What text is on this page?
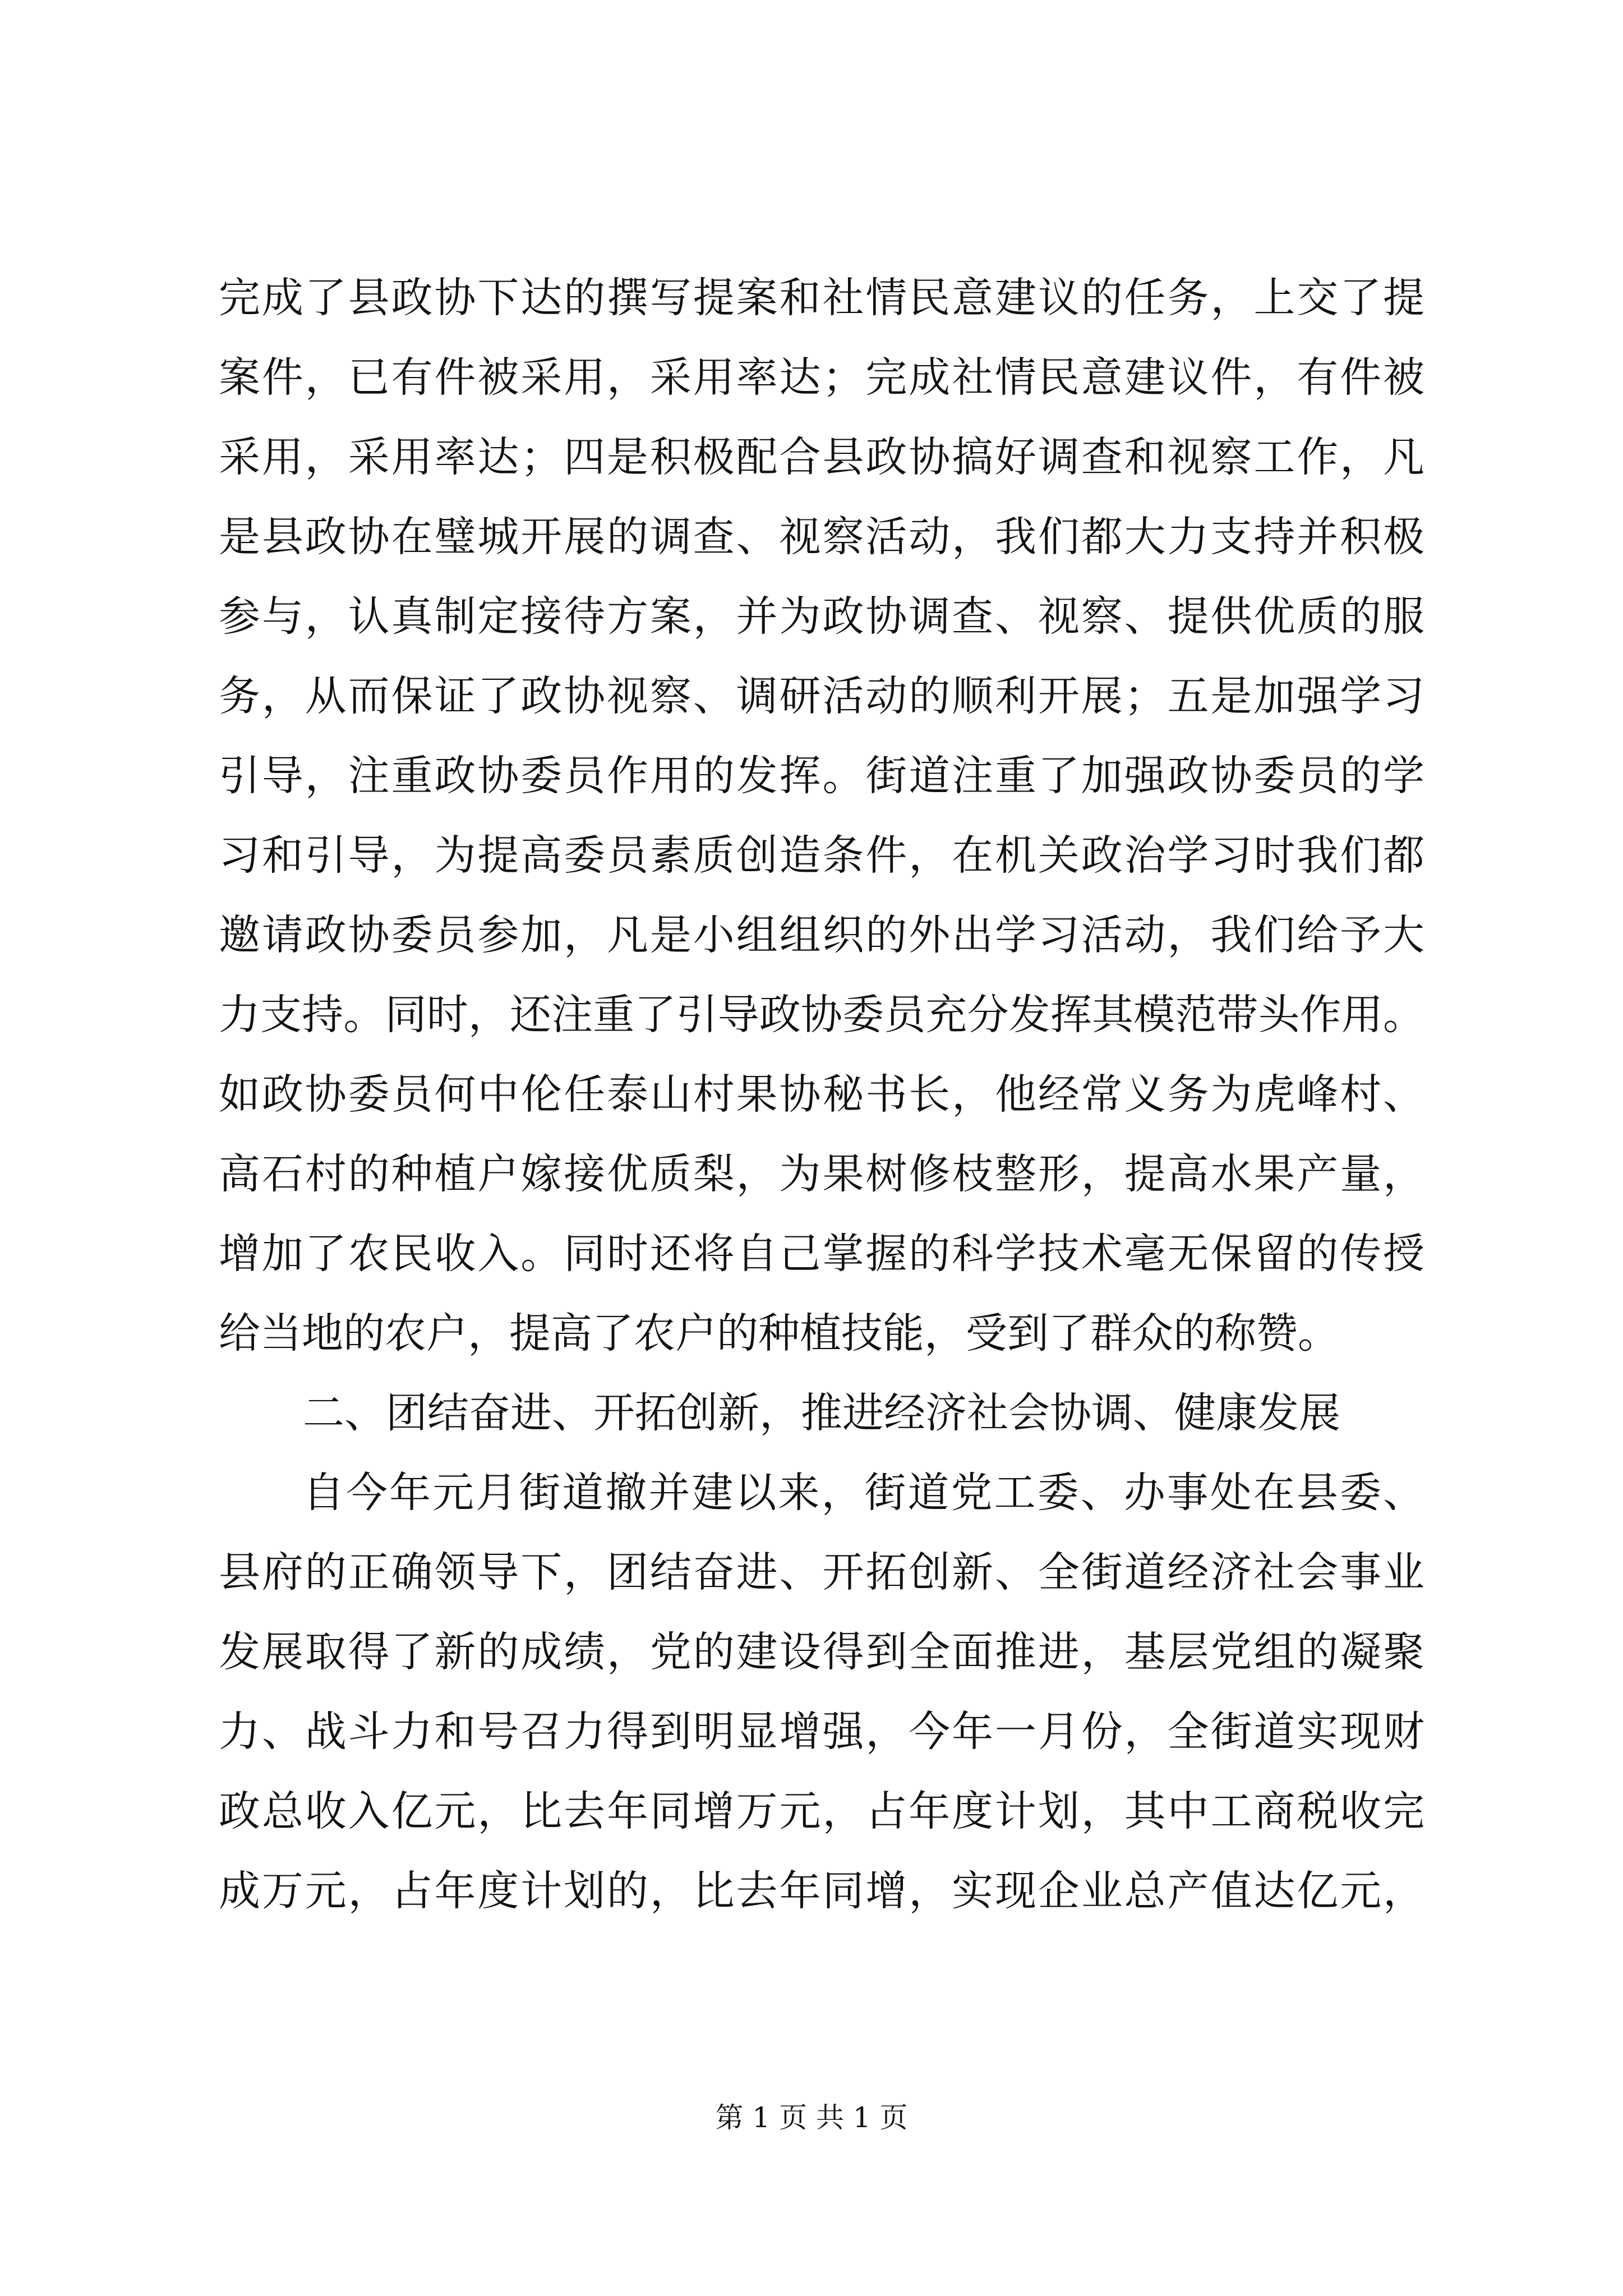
完成了县政协下达的撰写提案和社情民意建议的任务，上交了提
案件，已有件被采用，采用率达；完成社情民意建议件，有件被
采用，采用率达；四是积极配合县政协搞好调查和视察工作，凡
是县政协在璧城开展的调查、视察活动，我们都大力支持并积极
参与，认真制定接待方案，并为政协调查、视察、提供优质的服
务，从而保证了政协视察、调研活动的顺利开展；五是加强学习
引导，注重政协委员作用的发挥。街道注重了加强政协委员的学
习和引导，为提高委员素质创造条件，在机关政治学习时我们都
邀请政协委员参加，凡是小组组织的外出学习活动，我们给予大
力支持。同时，还注重了引导政协委员充分发挥其模范带头作用。
如政协委员何中伦任泰山村果协秘书长，他经常义务为虎峰村、
高石村的种植户嫁接优质梨，为果树修枝整形，提高水果产量，
增加了农民收入。同时还将自己掌握的科学技术毫无保留的传授
给当地的农户，提高了农户的种植技能，受到了群众的称赞。
二、团结奋进、开拓创新，推进经济社会协调、健康发展
自今年元月街道撤并建以来，街道党工委、办事处在县委、
县府的正确领导下，团结奋进、开拓创新、全街道经济社会事业
发展取得了新的成绩，党的建设得到全面推进，基层党组的凝聚
力、战斗力和号召力得到明显增强，今年一月份，全街道实现财
政总收入亿元，比去年同增万元，占年度计划，其中工商税收完
成万元，占年度计划的，比去年同增，实现企业总产值达亿元，
第 1 页 共 1 页
